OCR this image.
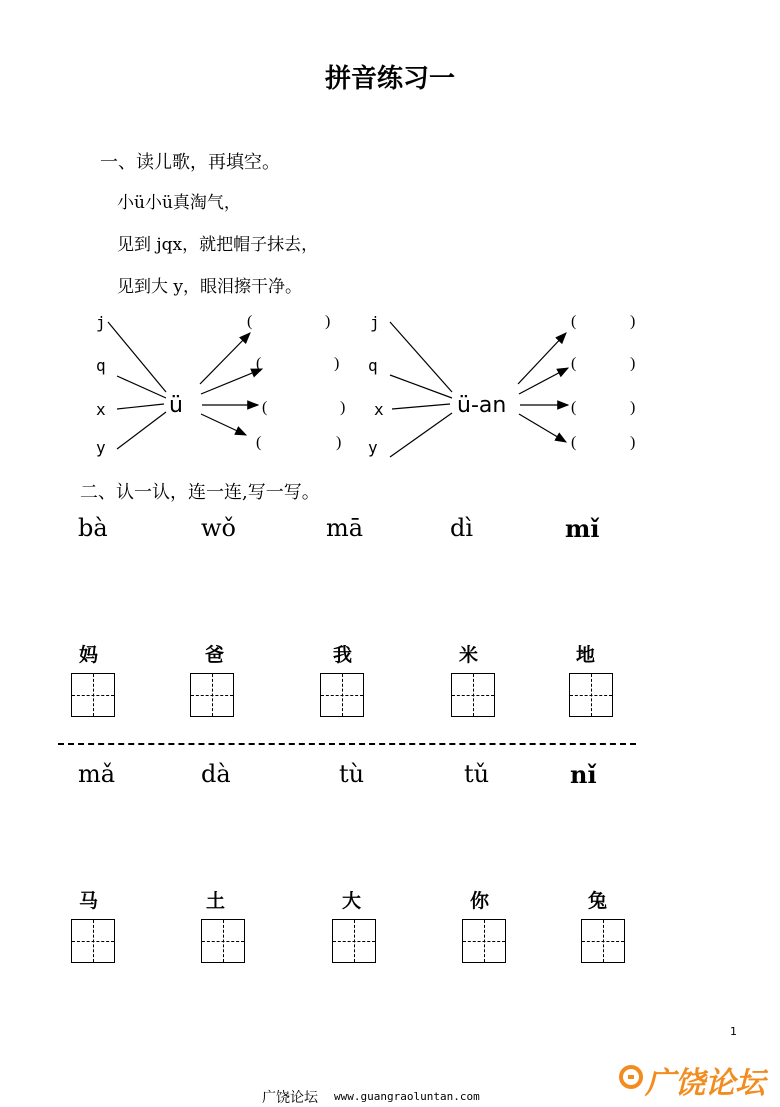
拼音练习一
一、读儿歌，再填空。
小ü小ü真淘气，
见到 jqx，就把帽子抹去，
见到大 y，眼泪擦干净。
j
q
x
y
ü
(	)
(	)
(	)
(	)
j
q
x
y
ü-an
(	)
(	)
(	)
(	)
二、认一认，连一连,写一写。
bà	wǒ	mā	dì	mǐ
妈	爸	我	米	地
mǎ	dà	tù	tǔ	nǐ
马	土	大	你	兔
1
广饶论坛 www.guangraoluntan.com	广饶论坛
